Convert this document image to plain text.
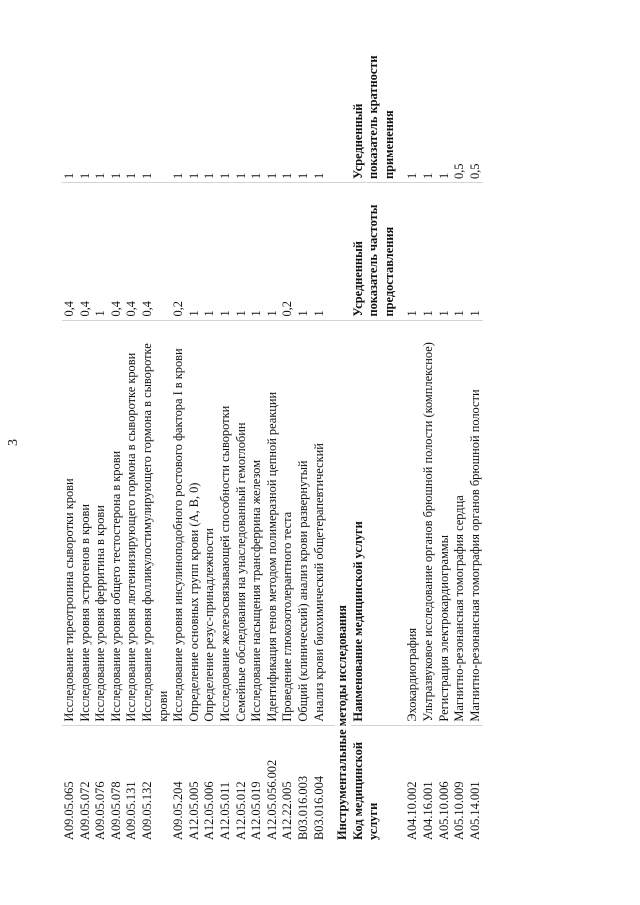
3
A09.05.065	Исследование тиреотропина сыворотки крови	0,4	1
A09.05.072	Исследование уровня эстрогенов в крови	0,4	1
A09.05.076	Исследование уровня ферритина в крови	1	1
A09.05.078	Исследование уровня общего тестостерона в крови	0,4	1
A09.05.131	Исследование уровня лютеинизирующего гормона в сыворотке крови	0,4	1
A09.05.132	Исследование уровня фолликулостимулирующего гормона в сыворотке крови	0,4	1
A09.05.204	Исследование уровня инсулиноподобного ростового фактора I в крови	0,2	1
A12.05.005	Определение основных групп крови (A, B, 0)	1	1
A12.05.006	Определение резус-принадлежности	1	1
A12.05.011	Исследование железосвязывающей способности сыворотки	1	1
A12.05.012	Семейные обследования на унаследованный гемоглобин	1	1
A12.05.019	Исследование насыщения трансферрина железом	1	1
A12.05.056.002	Идентификация генов методом полимеразной цепной реакции	1	1
A12.22.005	Проведение глюкозотолерантного теста	0,2	1
B03.016.003	Общий (клинический) анализ крови развернутый	1	1
B03.016.004	Анализ крови биохимический общетерапевтический	1	1

Инструментальные методы исследования			
Код медицинской услуги	Наименование медицинской услуги	Усредненный показатель частоты предоставления	Усредненный показатель кратности применения

A04.10.002	Эхокардиография	1	1
A04.16.001	Ультразвуковое исследование органов брюшной полости (комплексное)	1	1
A05.10.006	Регистрация электрокардиограммы	1	1
A05.10.009	Магнитно-резонансная томография сердца	1	0,5
A05.14.001	Магнитно-резонансная томография органов брюшной полости	1	0,5
